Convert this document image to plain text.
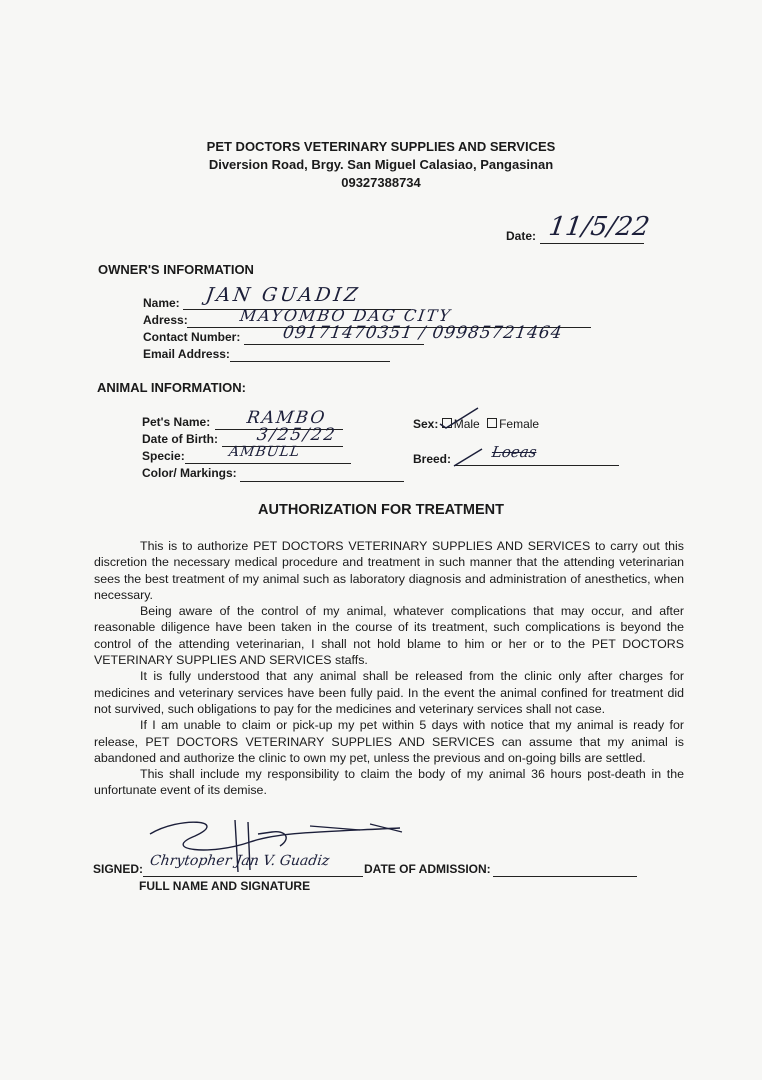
PET DOCTORS VETERINARY SUPPLIES AND SERVICES
Diversion Road, Brgy. San Miguel Calasiao, Pangasinan
09327388734
Date: 11/5/22
OWNER'S INFORMATION
Name: JAN GUADIZ
Adress:	MAYOMBO DAG CITY
Contact Number: 09171470351 / 09985721464
Email Address:
ANIMAL INFORMATION:
Pet's Name: RAMBO
Date of Birth: 3/25/22
Specie:	AMBULL
Color/ Markings:
Sex: Male Female
Breed:	Loeas
AUTHORIZATION FOR TREATMENT

This is to authorize PET DOCTORS VETERINARY SUPPLIES AND SERVICES to carry out this discretion the necessary medical procedure and treatment in such manner that the attending veterinarian sees the best treatment of my animal such as laboratory diagnosis and administration of anesthetics, when necessary.

Being aware of the control of my animal, whatever complications that may occur, and after reasonable diligence have been taken in the course of its treatment, such complications is beyond the control of the attending veterinarian, I shall not hold blame to him or her or to the PET DOCTORS VETERINARY SUPPLIES AND SERVICES staffs.

It is fully understood that any animal shall be released from the clinic only after charges for medicines and veterinary services have been fully paid. In the event the animal confined for treatment did not survived, such obligations to pay for the medicines and veterinary services shall not case.

If I am unable to claim or pick-up my pet within 5 days with notice that my animal is ready for release, PET DOCTORS VETERINARY SUPPLIES AND SERVICES can assume that my animal is abandoned and authorize the clinic to own my pet, unless the previous and on-going bills are settled.

This shall include my responsibility to claim the body of my animal 36 hours post-death in the unfortunate event of its demise.

SIGNED: Chrytopher Jan V. Guadiz
FULL NAME AND SIGNATURE
DATE OF ADMISSION:
